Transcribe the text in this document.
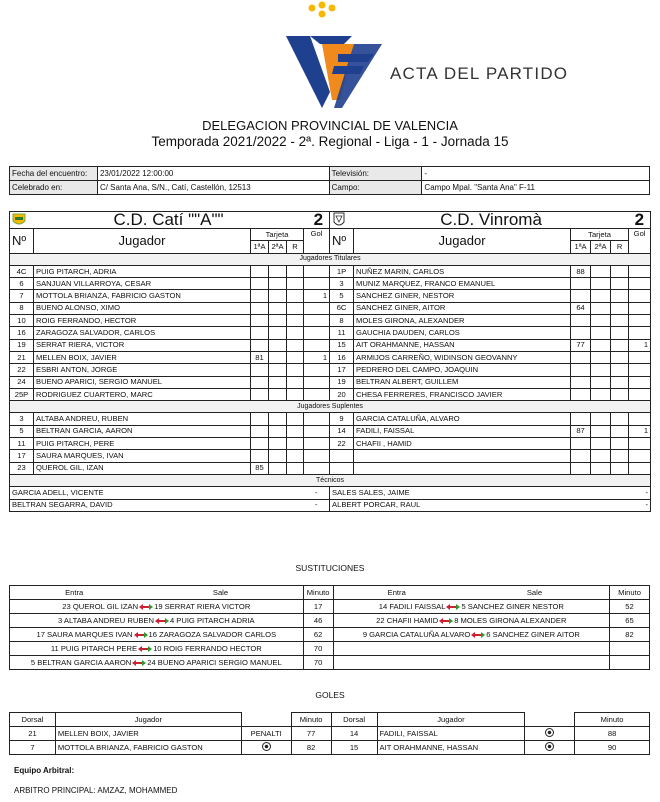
ACTA DEL PARTIDO
DELEGACION PROVINCIAL DE VALENCIA
Temporada 2021/2022 - 2ª. Regional - Liga - 1 - Jornada 15
Fecha del encuentro:	23/01/2022 12:00:00	Televisión:	-
Celebrado en:	C/ Santa Ana, S/N., Catí, Castellón, 12513	Campo:	Campo Mpal. "Santa Ana" F-11
	C.D. Catí ""A""				2		C.D. Vinromà				2
Nº	Jugador	Tarjeta			Gol	Nº	Jugador	Tarjeta			Gol
		1ªA	2ªA	R				1ªA	2ªA	R	
Jugadores Titulares											
4C	PUIG PITARCH, ADRIA					1P	NUÑEZ MARIN, CARLOS	88			
6	SANJUAN VILLARROYA, CESAR					3	MUNIZ MARQUEZ, FRANCO EMANUEL				
7	MOTTOLA BRIANZA, FABRICIO GASTON				1	5	SANCHEZ GINER, NESTOR				
8	BUENO ALONSO, XIMO					6C	SANCHEZ GINER, AITOR	64			
10	ROIG FERRANDO, HECTOR					8	MOLES GIRONA, ALEXANDER				
16	ZARAGOZA SALVADOR, CARLOS					11	GAUCHIA DAUDEN, CARLOS				
19	SERRAT RIERA, VICTOR					15	AIT ORAHMANNE, HASSAN	77			1
21	MELLEN BOIX, JAVIER	81			1	16	ARMIJOS CARREÑO, WIDINSON GEOVANNY				
22	ESBRI ANTON, JORGE					17	PEDRERO DEL CAMPO, JOAQUIN				
24	BUENO APARICI, SERGIO MANUEL					19	BELTRAN ALBERT, GUILLEM				
25P	RODRIGUEZ CUARTERO, MARC					20	CHESA FERRERES, FRANCISCO JAVIER				
Jugadores Suplentes											
3	ALTABA ANDREU, RUBEN					9	GARCIA CATALUÑA, ALVARO				
5	BELTRAN GARCIA, AARON					14	FADILI, FAISSAL	87			1
11	PUIG PITARCH, PERE					22	CHAFII , HAMID				
17	SAURA MARQUES, IVAN										
23	QUEROL GIL, IZAN	85									
Técnicos											
GARCIA ADELL, VICENTE					-	SALES SALES, JAIME					-
BELTRAN SEGARRA, DAVID					-	ALBERT PORCAR, RAUL					-
SUSTITUCIONES
Entra	Sale	Minuto	Entra	Sale	Minuto
23 QUEROL GIL IZAN 19 SERRAT RIERA VICTOR		17	14 FADILI FAISSAL 5 SANCHEZ GINER NESTOR		52
3 ALTABA ANDREU RUBEN 4 PUIG PITARCH ADRIA		46	22 CHAFII HAMID 8 MOLES GIRONA ALEXANDER		65
17 SAURA MARQUES IVAN 16 ZARAGOZA SALVADOR CARLOS		62	9 GARCIA CATALUÑA ALVARO 6 SANCHEZ GINER AITOR		82
11 PUIG PITARCH PERE 10 ROIG FERRANDO HECTOR		70			
5 BELTRAN GARCIA AARON 24 BUENO APARICI SERGIO MANUEL		70			
GOLES
Dorsal	Jugador		Minuto	Dorsal	Jugador		Minuto
21	MELLEN BOIX, JAVIER	PENALTI	77	14	FADILI, FAISSAL		88
7	MOTTOLA BRIANZA, FABRICIO GASTON		82	15	AIT ORAHMANNE, HASSAN		90
Equipo Arbitral:
ARBITRO PRINCIPAL: AMZAZ, MOHAMMED
